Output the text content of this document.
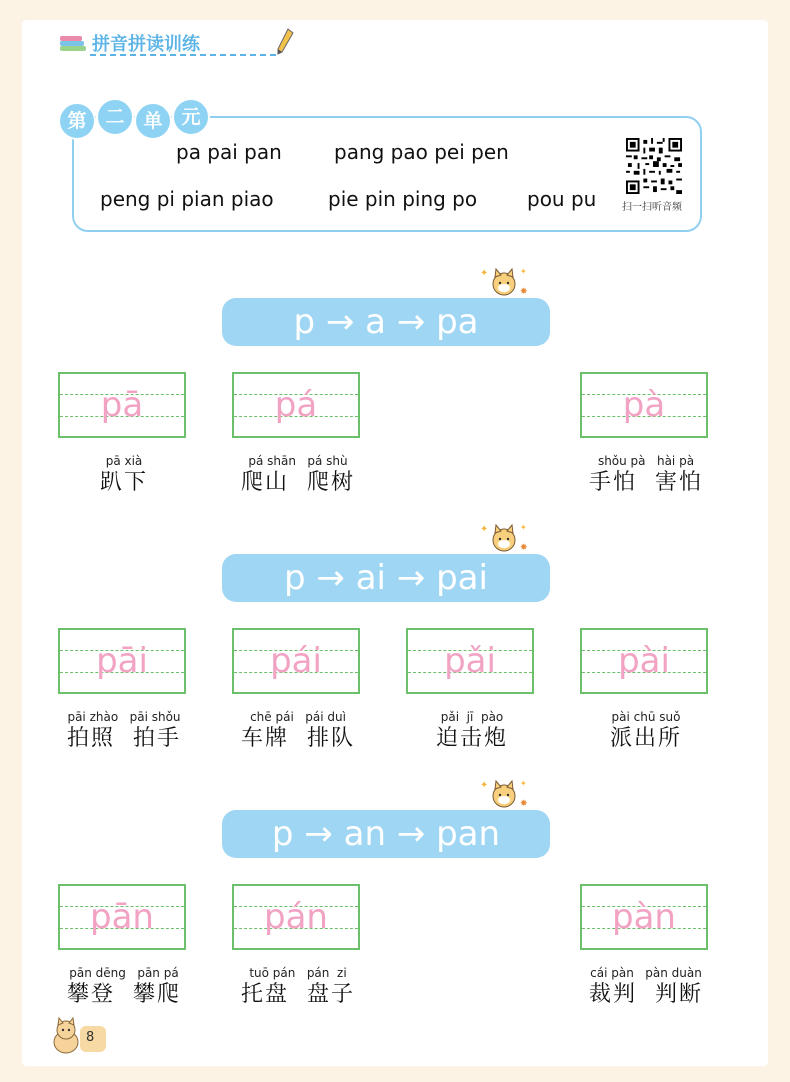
拼音拼读训练
第 二 单 元
pa pai pan	pang pao pei pen
peng pi pian piao	pie pin ping po pou pu	扫一扫听音频
✦	✦
✸
p → a → pa
pā	pá	pà
pā xià
趴下
pá shān   pá shù
爬山  爬树
shǒu pà   hài pà
手怕  害怕
✦	✦
✸
p → ai → pai
pāi	pái	pǎi	pài
pāi zhào   pāi shǒu
拍照  拍手
chē pái   pái duì
车牌  排队
pǎi  jī  pào
迫击炮
pài chū suǒ
派出所
✦	✦
✸
p → an → pan
pān	pán	pàn
pān dēng   pān pá
攀登  攀爬
tuō pán   pán  zi
托盘  盘子
cái pàn   pàn duàn
裁判  判断
8
